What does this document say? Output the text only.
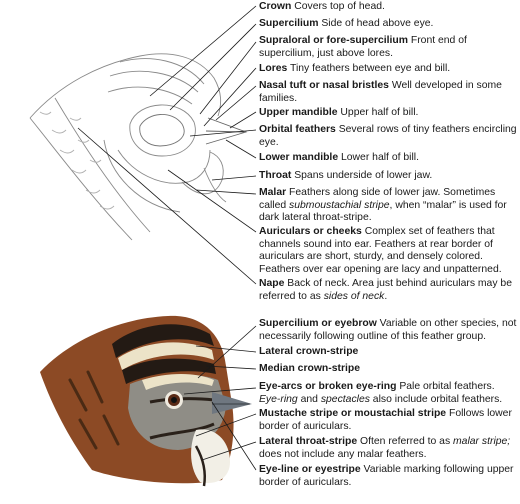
Crown Covers top of head.

Supercilium Side of head above eye.

Supraloral or fore-supercilium Front end of supercilium, just above lores.

Lores Tiny feathers between eye and bill.

Nasal tuft or nasal bristles Well developed in some families.

Upper mandible Upper half of bill.

Orbital feathers Several rows of tiny feathers encircling eye.

Lower mandible Lower half of bill.

Throat Spans underside of lower jaw.

Malar Feathers along side of lower jaw. Sometimes called submoustachial stripe, when “malar” is used for dark lateral throat-stripe.

Auriculars or cheeks Complex set of feathers that channels sound into ear. Feathers at rear border of auriculars are short, sturdy, and densely colored. Feathers over ear opening are lacy and unpatterned.

Nape Back of neck. Area just behind auriculars may be referred to as sides of neck.

Supercilium or eyebrow Variable on other species, not necessarily following outline of this feather group.

Lateral crown-stripe

Median crown-stripe

Eye-arcs or broken eye-ring Pale orbital feathers. Eye-ring and spectacles also include orbital feathers.

Mustache stripe or moustachial stripe Follows lower border of auriculars.

Lateral throat-stripe Often referred to as malar stripe; does not include any malar feathers.

Eye-line or eyestripe Variable marking following upper border of auriculars.
